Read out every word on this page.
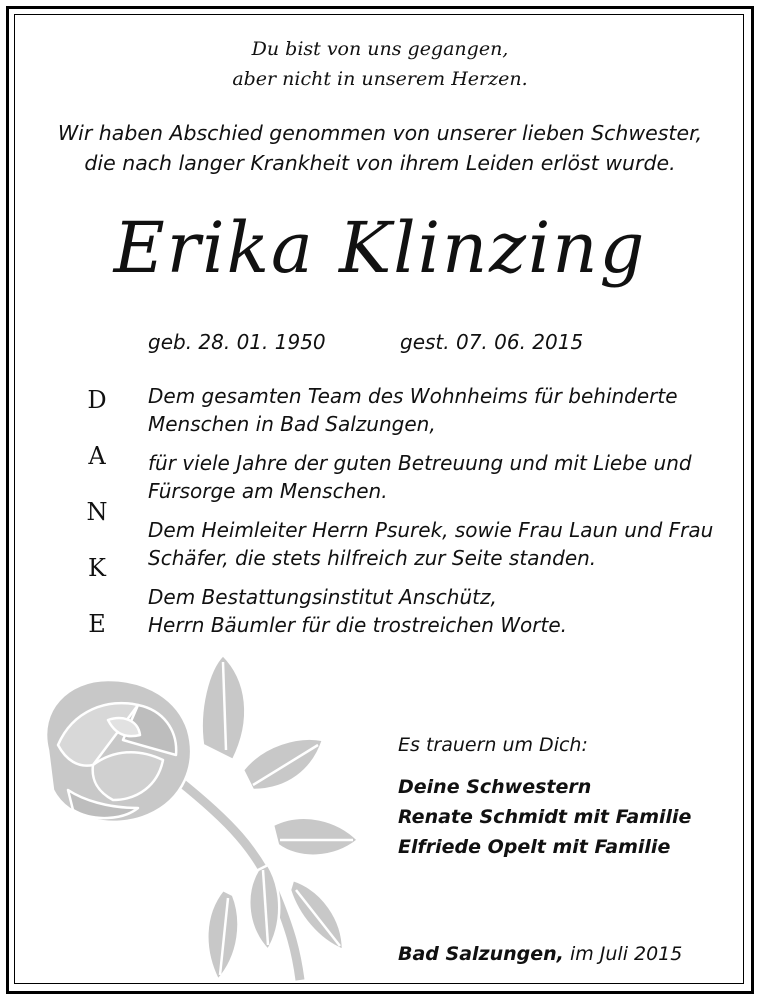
Du bist von uns gegangen,
aber nicht in unserem Herzen.
Wir haben Abschied genommen von unserer lieben Schwester,
die nach langer Krankheit von ihrem Leiden erlöst wurde.
Erika Klinzing
geb. 28. 01. 1950	gest. 07. 06. 2015
D
A
N
K
E

Dem gesamten Team des Wohnheims für behinderte
Menschen in Bad Salzungen,

für viele Jahre der guten Betreuung und mit Liebe und
Fürsorge am Menschen.

Dem Heimleiter Herrn Psurek, sowie Frau Laun und Frau
Schäfer, die stets hilfreich zur Seite standen.

Dem Bestattungsinstitut Anschütz,
Herrn Bäumler für die trostreichen Worte.

Es trauern um Dich:
Deine Schwestern
Renate Schmidt mit Familie
Elfriede Opelt mit Familie
Bad Salzungen, im Juli 2015
